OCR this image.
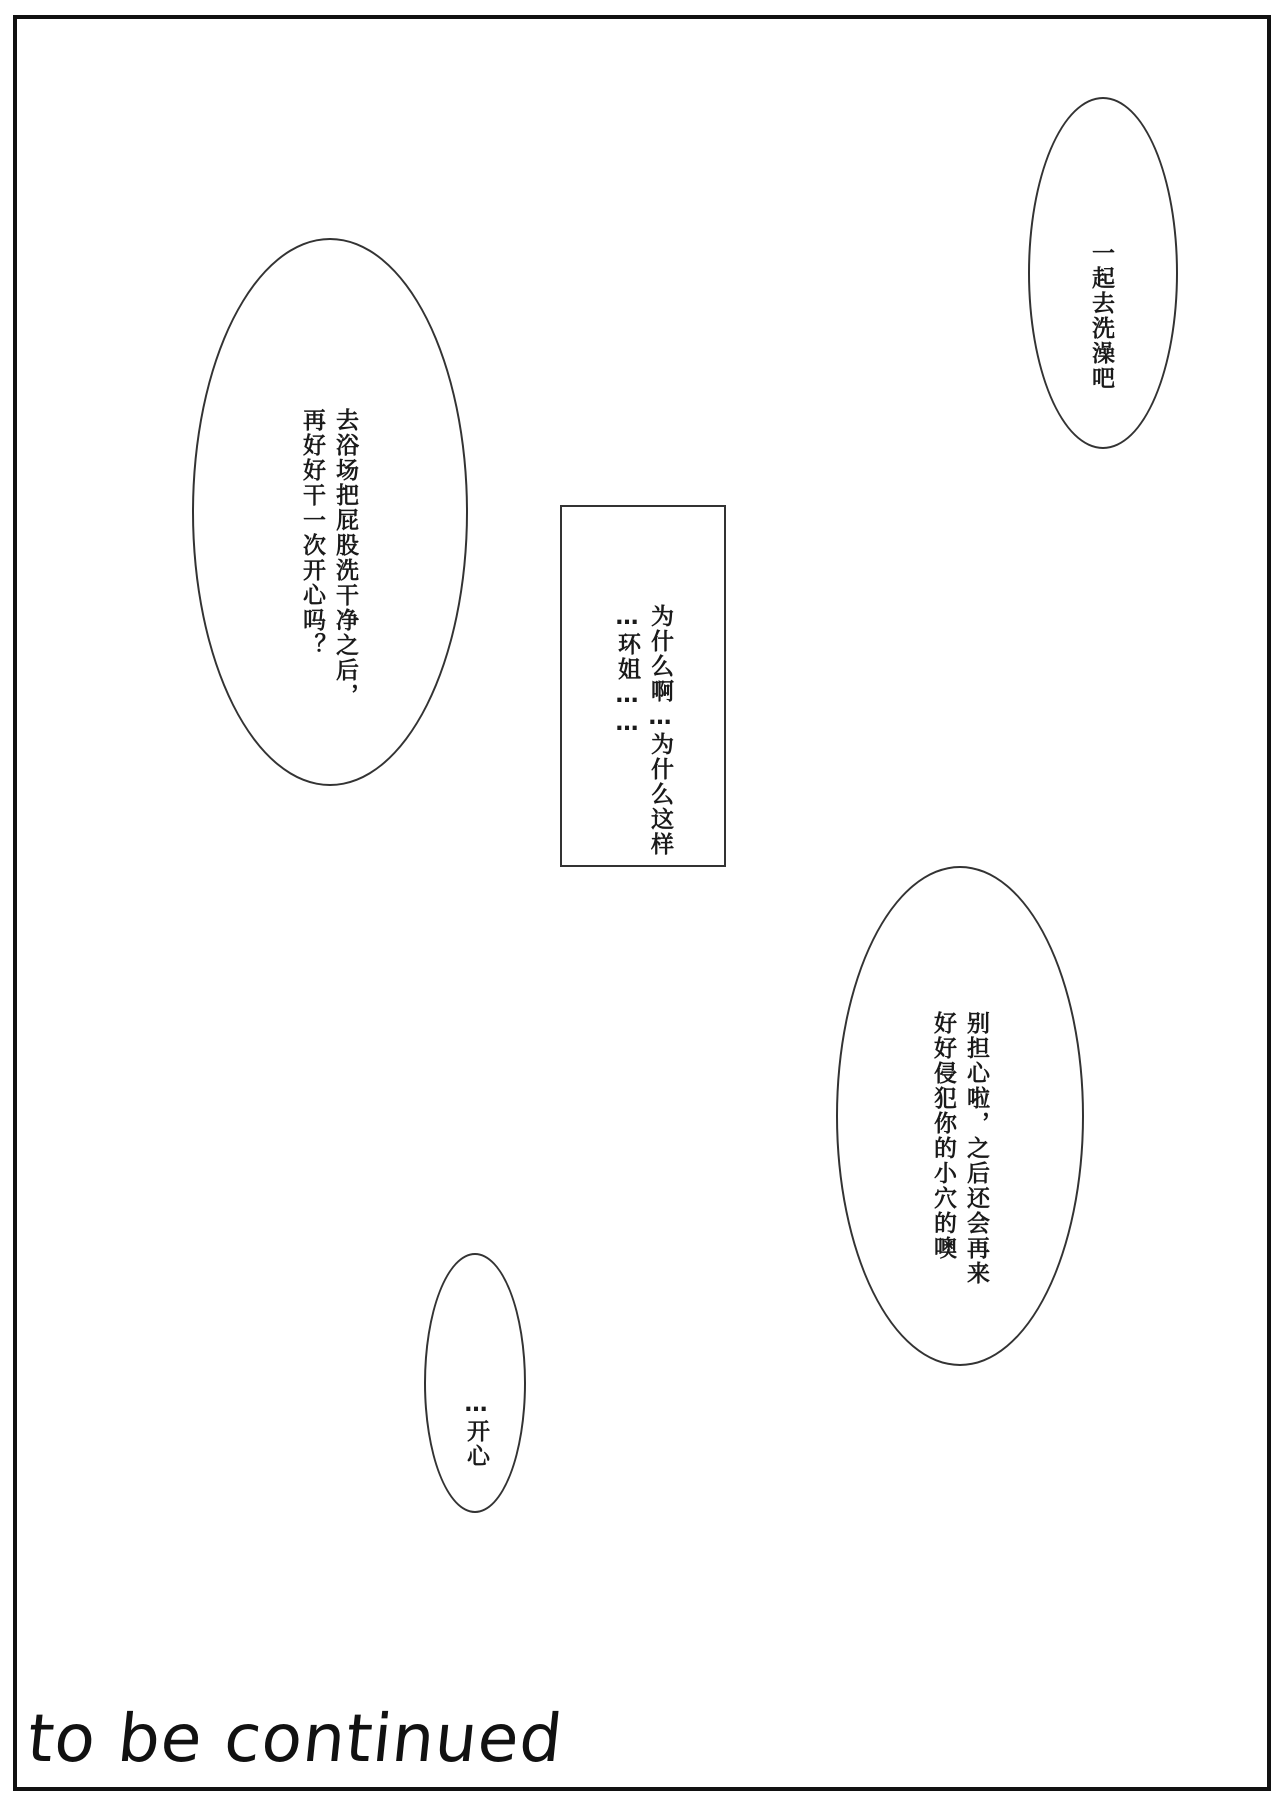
一起去洗澡吧

去浴场把屁股洗干净之后，
再好好干一次开心吗？

为什么啊…为什么这样
…环姐……

别担心啦，之后还会再来
好好侵犯你的小穴的噢

…开心

to be continued
